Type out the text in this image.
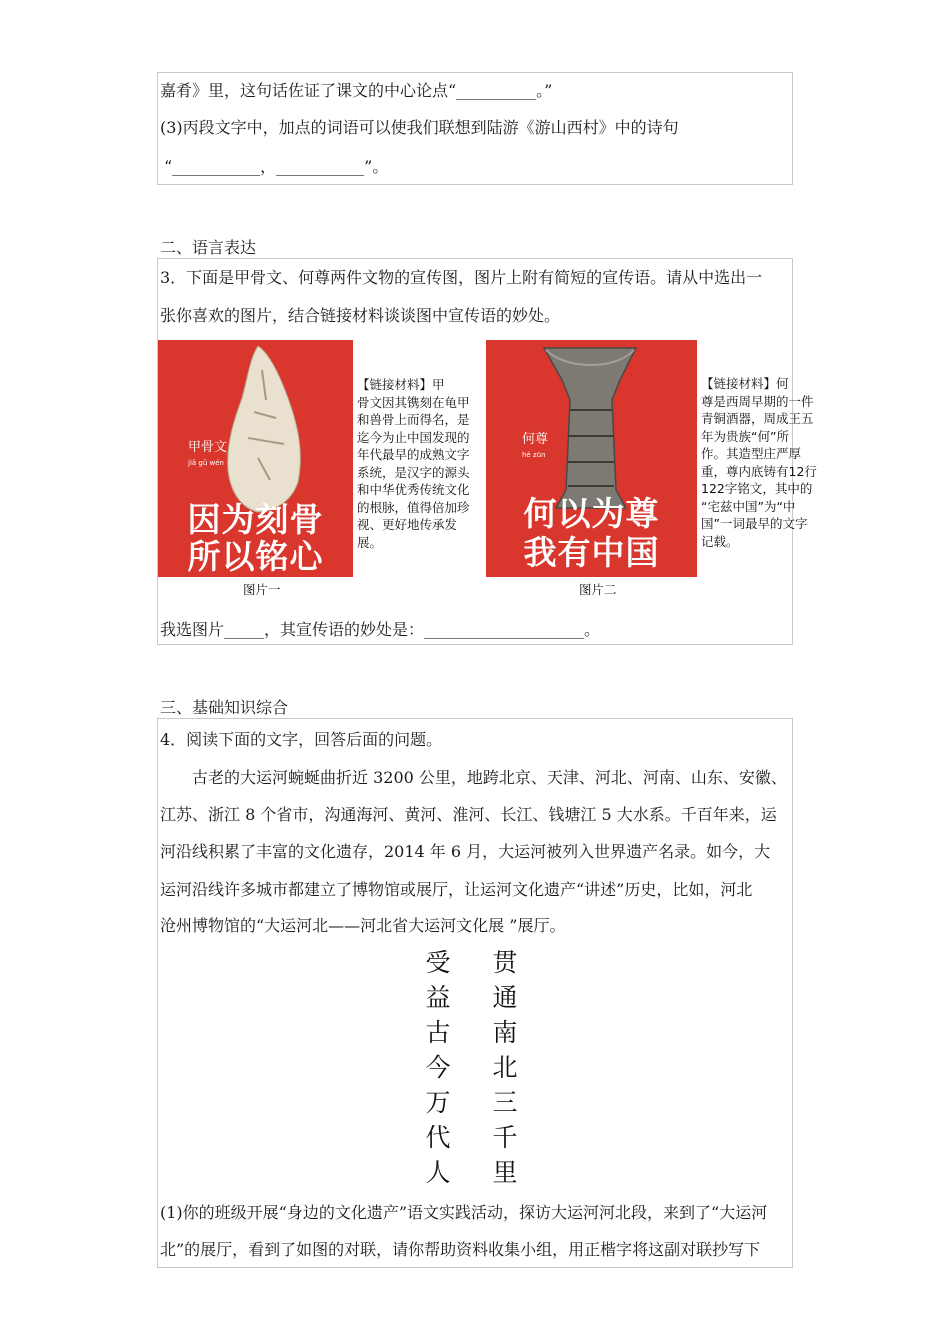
嘉肴》里，这句话佐证了课文的中心论点“__________。”
(3)丙段文字中，加点的词语可以使我们联想到陆游《游山西村》中的诗句
“___________，___________”。
二、语言表达
3．下面是甲骨文、何尊两件文物的宣传图，图片上附有简短的宣传语。请从中选出一
张你喜欢的图片，结合链接材料谈谈图中宣传语的妙处。
甲骨文
jiǎ gǔ wén
因为刻骨
所以铭心
图片一
【链接材料】甲
骨文因其镌刻在龟甲
和兽骨上而得名，是
迄今为止中国发现的
年代最早的成熟文字
系统，是汉字的源头
和中华优秀传统文化
的根脉，值得倍加珍
视、更好地传承发
展。
何尊
hé zūn
何以为尊
我有中国
图片二
【链接材料】何
尊是西周早期的一件
青铜酒器，周成王五
年为贵族“何”所
作。其造型庄严厚
重，尊内底铸有12行
122字铭文，其中的
“宅兹中国”为“中
国”一词最早的文字
记载。
我选图片_____，其宣传语的妙处是：____________________。
三、基础知识综合
4．阅读下面的文字，回答后面的问题。
古老的大运河蜿蜒曲折近 3200 公里，地跨北京、天津、河北、河南、山东、安徽、
江苏、浙江 8 个省市，沟通海河、黄河、淮河、长江、钱塘江 5 大水系。千百年来，运
河沿线积累了丰富的文化遗存，2014 年 6 月，大运河被列入世界遗产名录。如今，大
运河沿线许多城市都建立了博物馆或展厅，让运河文化遗产“讲述”历史，比如，河北
沧州博物馆的“大运河北——河北省大运河文化展 ”展厅。
受
益
古
今
万
代
人
贯
通
南
北
三
千
里
(1)你的班级开展“身边的文化遗产”语文实践活动，探访大运河河北段，来到了“大运河
北”的展厅，看到了如图的对联，请你帮助资料收集小组，用正楷字将这副对联抄写下
